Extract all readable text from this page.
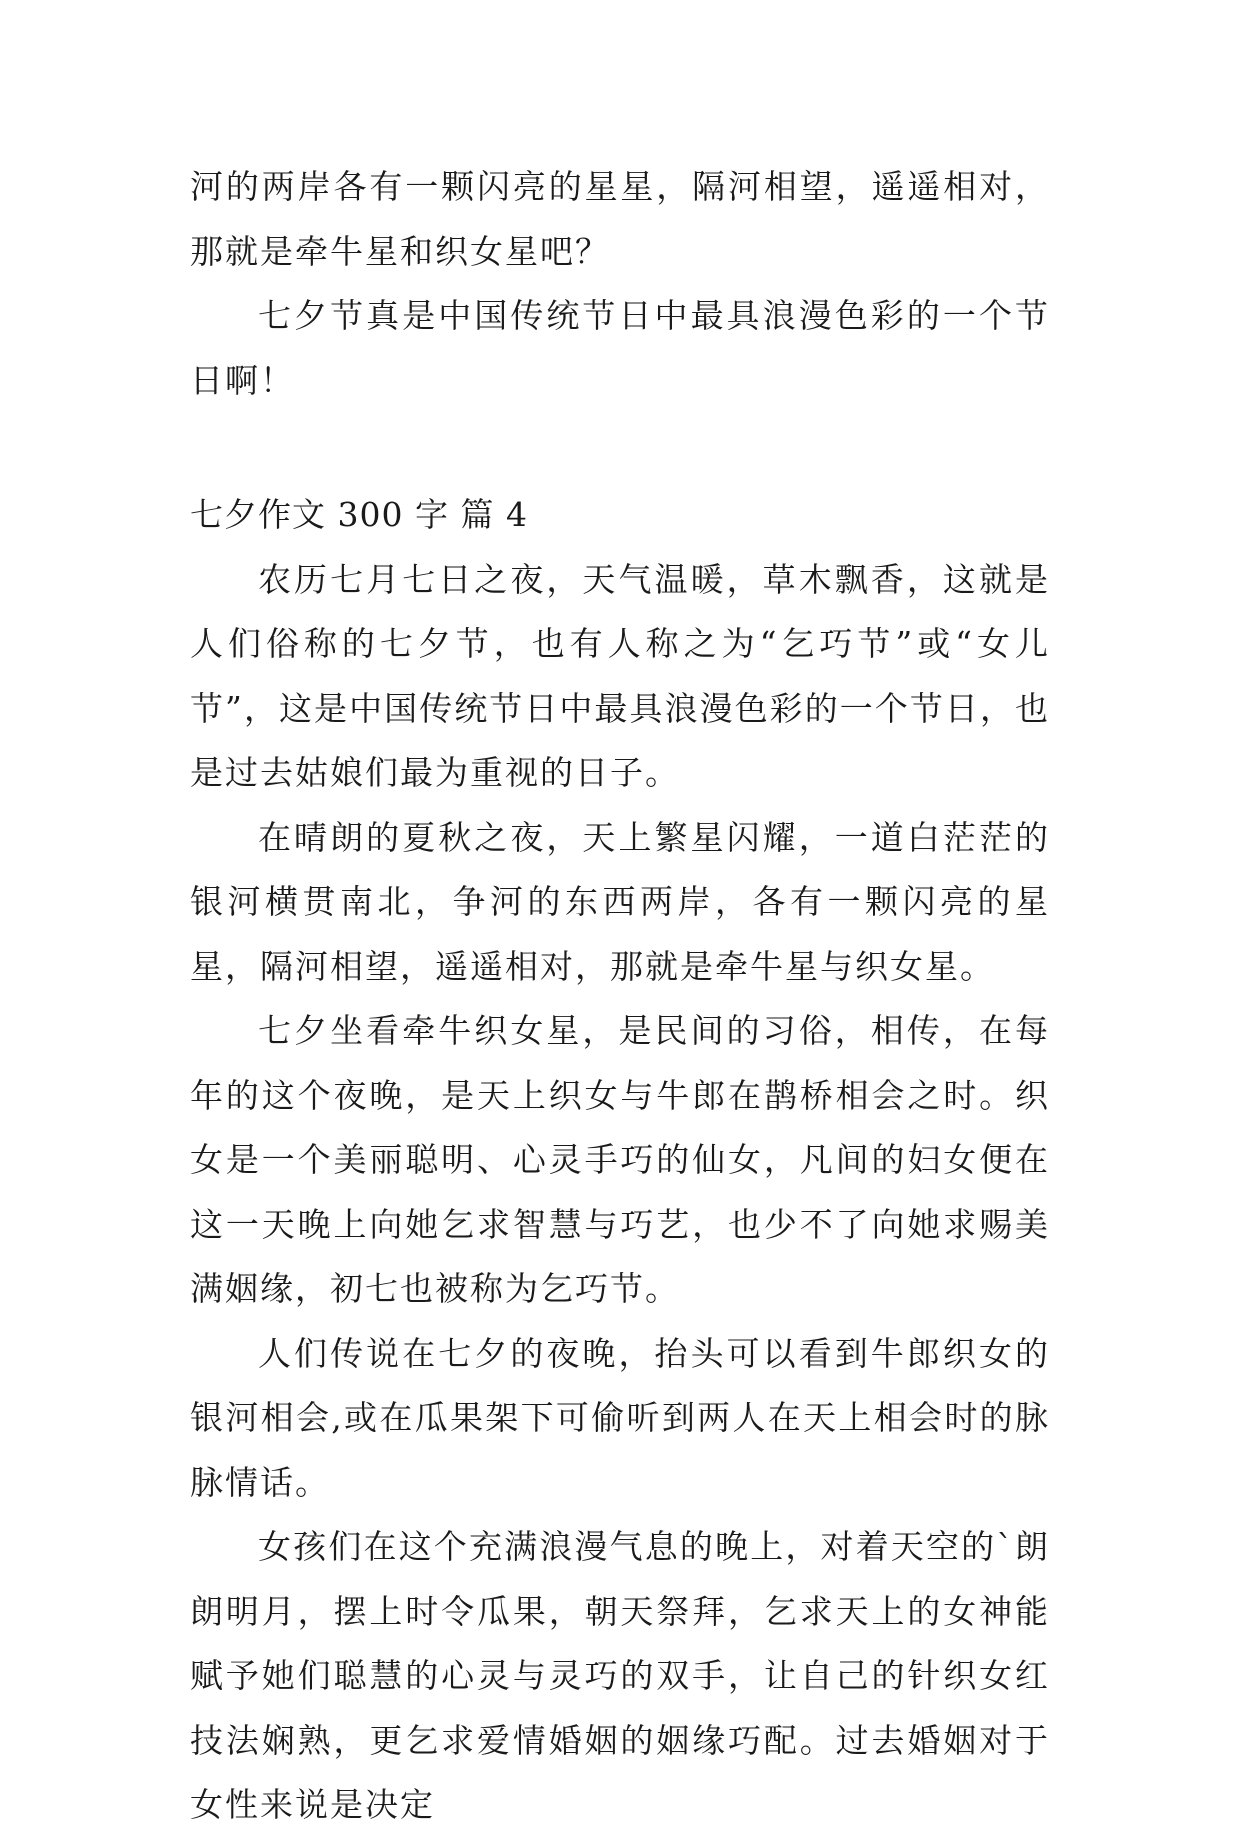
河的两岸各有一颗闪亮的星星，隔河相望，遥遥相对，那就是牵牛星和织女星吧？

七夕节真是中国传统节日中最具浪漫色彩的一个节日啊！

七夕作文 300 字 篇 4

农历七月七日之夜，天气温暖，草木飘香，这就是人们俗称的七夕节，也有人称之为“乞巧节”或“女儿节”，这是中国传统节日中最具浪漫色彩的一个节日，也是过去姑娘们最为重视的日子。

在晴朗的夏秋之夜，天上繁星闪耀，一道白茫茫的银河横贯南北，争河的东西两岸，各有一颗闪亮的星星，隔河相望，遥遥相对，那就是牵牛星与织女星。

七夕坐看牵牛织女星，是民间的习俗，相传，在每年的这个夜晚，是天上织女与牛郎在鹊桥相会之时。织女是一个美丽聪明、心灵手巧的仙女，凡间的妇女便在这一天晚上向她乞求智慧与巧艺，也少不了向她求赐美满姻缘，初七也被称为乞巧节。

人们传说在七夕的夜晚，抬头可以看到牛郎织女的银河相会,或在瓜果架下可偷听到两人在天上相会时的脉脉情话。

女孩们在这个充满浪漫气息的晚上，对着天空的`朗朗明月，摆上时令瓜果，朝天祭拜，乞求天上的女神能赋予她们聪慧的心灵与灵巧的双手，让自己的针织女红技法娴熟，更乞求爱情婚姻的姻缘巧配。过去婚姻对于女性来说是决定
